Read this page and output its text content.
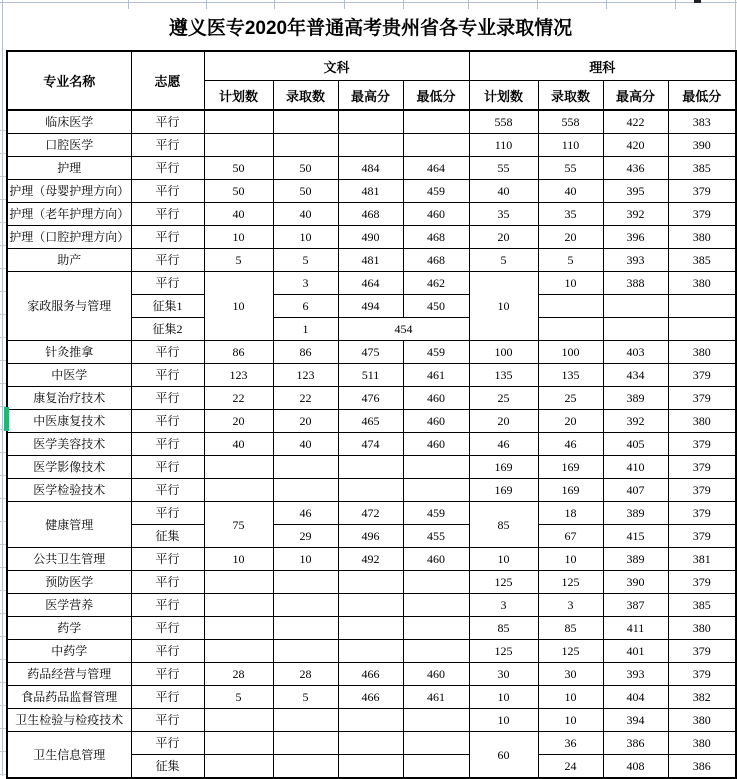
遵义医专2020年普通高考贵州省各专业录取情况
专业名称	志愿	文科				理科			
		计划数	录取数	最高分	最低分	计划数	录取数	最高分	最低分
临床医学	平行					558	558	422	383
口腔医学	平行					110	110	420	390
护理	平行	50	50	484	464	55	55	436	385
护理（母婴护理方向）	平行	50	50	481	459	40	40	395	379
护理（老年护理方向）	平行	40	40	468	460	35	35	392	379
护理（口腔护理方向）	平行	10	10	490	468	20	20	396	380
助产	平行	5	5	481	468	5	5	393	385
家政服务与管理	平行	10	3	464	462	10	10	388	380
	征集1		6	494	450				
	征集2		1	454					
针灸推拿	平行	86	86	475	459	100	100	403	380
中医学	平行	123	123	511	461	135	135	434	379
康复治疗技术	平行	22	22	476	460	25	25	389	379
中医康复技术	平行	20	20	465	460	20	20	392	380
医学美容技术	平行	40	40	474	460	46	46	405	379
医学影像技术	平行					169	169	410	379
医学检验技术	平行					169	169	407	379
健康管理	平行	75	46	472	459	85	18	389	379
	征集		29	496	455		67	415	379
公共卫生管理	平行	10	10	492	460	10	10	389	381
预防医学	平行					125	125	390	379
医学营养	平行					3	3	387	385
药学	平行					85	85	411	380
中药学	平行					125	125	401	379
药品经营与管理	平行	28	28	466	460	30	30	393	379
食品药品监督管理	平行	5	5	466	461	10	10	404	382
卫生检验与检疫技术	平行					10	10	394	380
卫生信息管理	平行					60	36	386	380
	征集						24	408	386
